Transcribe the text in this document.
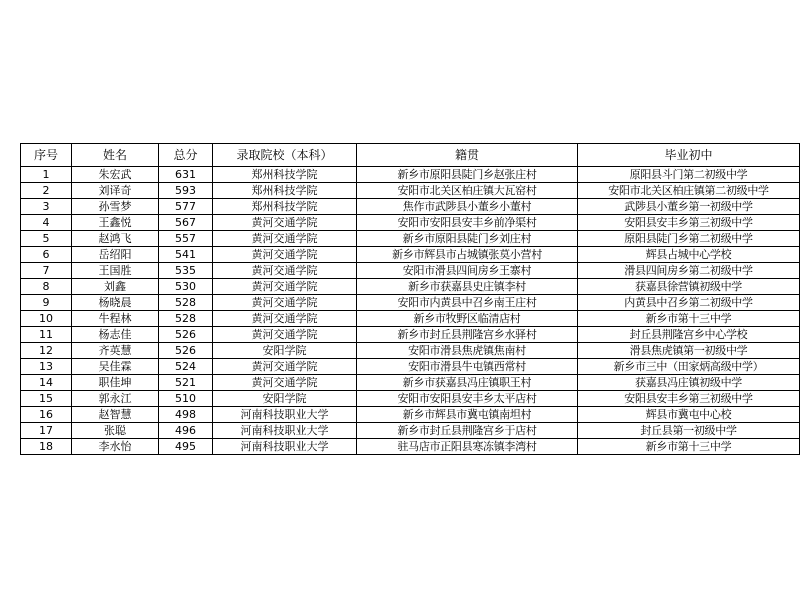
序号	姓名	总分	录取院校（本科）	籍贯	毕业初中
1	朱宏武	631	郑州科技学院	新乡市原阳县陡门乡赵张庄村	原阳县斗门第二初级中学
2	刘译奇	593	郑州科技学院	安阳市北关区柏庄镇大瓦窑村	安阳市北关区柏庄镇第二初级中学
3	孙雪梦	577	郑州科技学院	焦作市武陟县小董乡小董村	武陟县小董乡第一初级中学
4	王鑫悦	567	黄河交通学院	安阳市安阳县安丰乡前净渠村	安阳县安丰乡第三初级中学
5	赵鸿飞	557	黄河交通学院	新乡市原阳县陡门乡刘庄村	原阳县陡门乡第二初级中学
6	岳绍阳	541	黄河交通学院	新乡市辉县市占城镇张莫小营村	辉县占城中心学校
7	王国胜	535	黄河交通学院	安阳市滑县四间房乡王寨村	滑县四间房乡第二初级中学
8	刘鑫	530	黄河交通学院	新乡市获嘉县史庄镇李村	获嘉县徐营镇初级中学
9	杨晓晨	528	黄河交通学院	安阳市内黄县中召乡南王庄村	内黄县中召乡第二初级中学
10	牛程林	528	黄河交通学院	新乡市牧野区临清店村	新乡市第十三中学
11	杨志佳	526	黄河交通学院	新乡市封丘县荆隆宫乡水驿村	封丘县荆隆宫乡中心学校
12	齐英慧	526	安阳学院	安阳市滑县焦虎镇焦南村	滑县焦虎镇第一初级中学
13	吴佳霖	524	黄河交通学院	安阳市滑县牛屯镇西常村	新乡市三中（田家炳高级中学）
14	职佳坤	521	黄河交通学院	新乡市获嘉县冯庄镇职王村	获嘉县冯庄镇初级中学
15	郭永江	510	安阳学院	安阳市安阳县安丰乡太平店村	安阳县安丰乡第三初级中学
16	赵智慧	498	河南科技职业大学	新乡市辉县市冀屯镇南坦村	辉县市冀屯中心校
17	张聪	496	河南科技职业大学	新乡市封丘县荆隆宫乡于店村	封丘县第一初级中学
18	李水怡	495	河南科技职业大学	驻马店市正阳县寒冻镇李湾村	新乡市第十三中学
